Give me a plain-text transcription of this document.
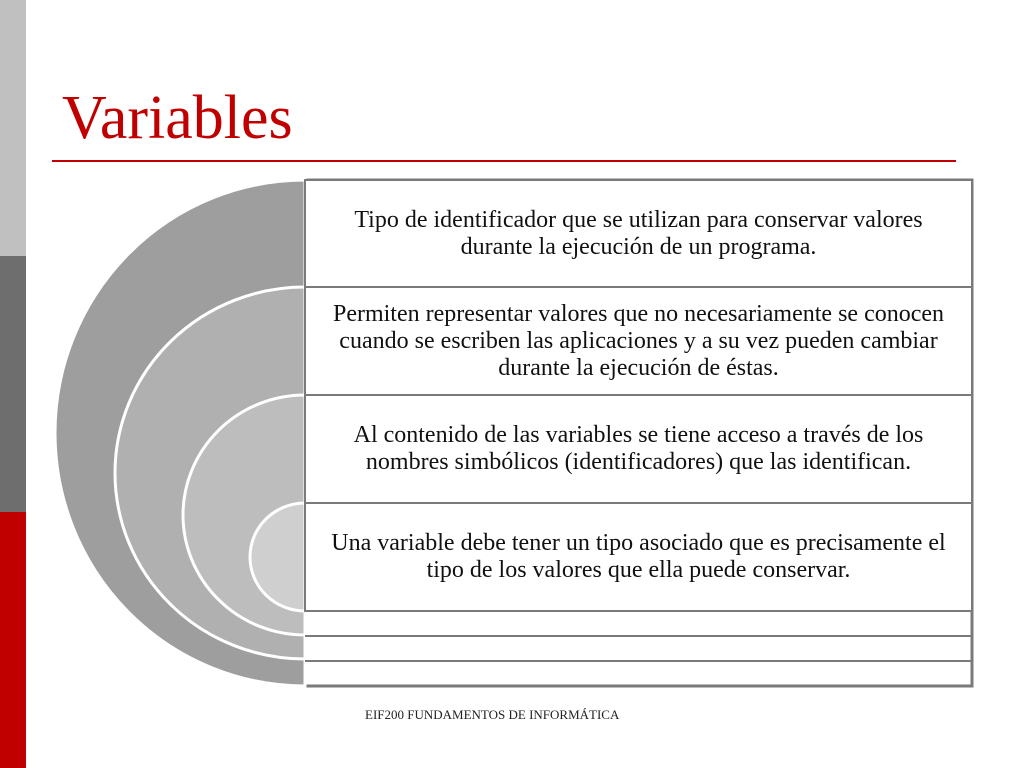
Variables
Tipo de identificador que se utilizan para conservar valores durante la ejecución de un programa.
Permiten representar valores que no necesariamente se conocen cuando se escriben las aplicaciones y a su vez pueden cambiar durante la ejecución de éstas.
Al contenido de las variables se tiene acceso a través de los nombres simbólicos (identificadores) que las identifican.
Una variable debe tener un tipo asociado que es precisamente el tipo de los valores que ella puede conservar.
EIF200 FUNDAMENTOS DE INFORMÁTICA
